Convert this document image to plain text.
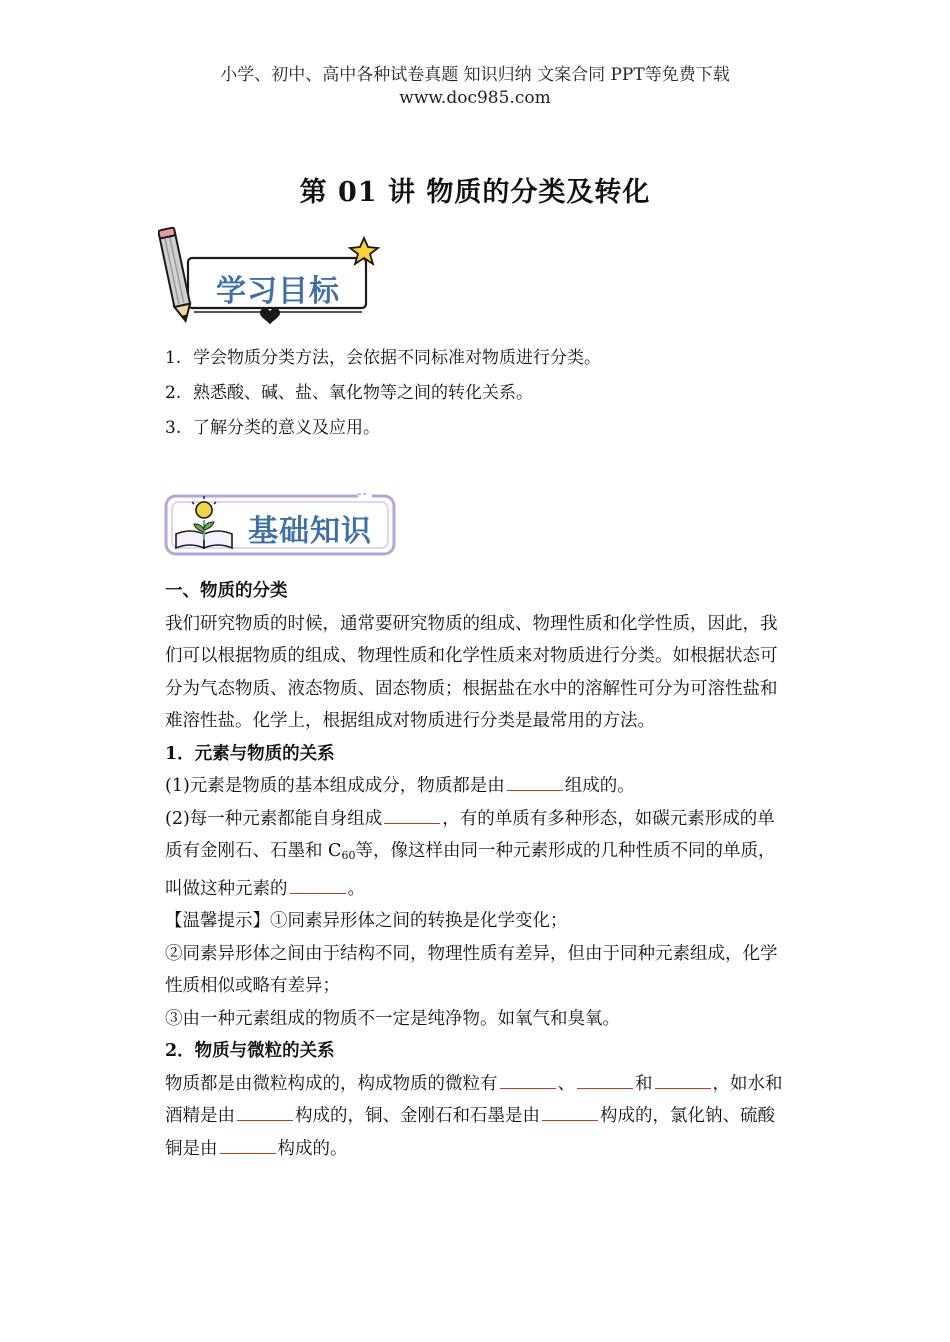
小学、初中、高中各种试卷真题 知识归纳 文案合同 PPT等免费下载
www.doc985.com
第 01 讲 物质的分类及转化
学习目标
1. 学会物质分类方法，会依据不同标准对物质进行分类。
2. 熟悉酸、碱、盐、氧化物等之间的转化关系。
3. 了解分类的意义及应用。
基础知识

一、物质的分类

我们研究物质的时候，通常要研究物质的组成、物理性质和化学性质，因此，我们可以根据物质的组成、物理性质和化学性质来对物质进行分类。如根据状态可分为气态物质、液态物质、固态物质；根据盐在水中的溶解性可分为可溶性盐和难溶性盐。化学上，根据组成对物质进行分类是最常用的方法。

1．元素与物质的关系

(1)元素是物质的基本组成成分，物质都是由	组成的。

(2)每一种元素都能自身组成	，有的单质有多种形态，如碳元素形成的单质有金刚石、石墨和 $C_{60}$等，像这样由同一种元素形成的几种性质不同的单质，叫做这种元素的	。

【温馨提示】①同素异形体之间的转换是化学变化；

②同素异形体之间由于结构不同，物理性质有差异，但由于同种元素组成，化学性质相似或略有差异；

③由一种元素组成的物质不一定是纯净物。如氧气和臭氧。

2．物质与微粒的关系

物质都是由微粒构成的，构成物质的微粒有	、	和	，如水和酒精是由	构成的，铜、金刚石和石墨是由	构成的，氯化钠、硫酸铜是由	构成的。
